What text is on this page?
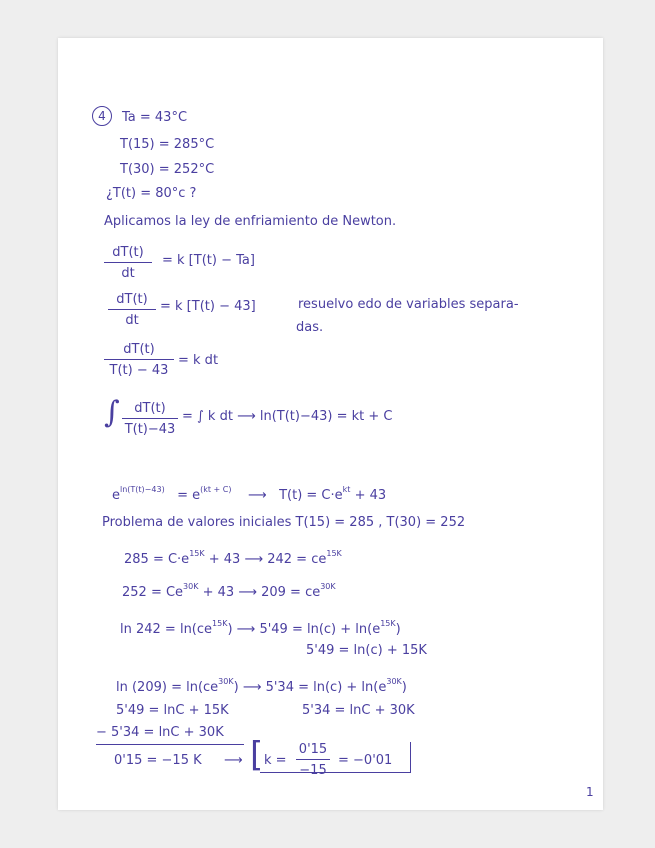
4	Ta = 43°C
T(15) = 285°C
T(30) = 252°C
¿T(t) = 80°c ?
Aplicamos la ley de enfriamiento de Newton.
$\frac{dT(t)}{dt} = k$ [T(t) − Ta]
$\frac{dT(t)}{dt} = k$ [T(t) − 43]	resuelvo edo de variables separa-
das.
$\frac{dT(t)}{T(t) - 43} = k$ dt
∫ $\frac{dT(t)}{T(t)-43}$ = ∫ k dt ⟶ ln(T(t)−43) = kt + C
$e^{ln(T(t)-43)} = e^{(kt + C)}$ ⟶ $T(t) = C\cdot e^{kt} + 43$
Problema de valores iniciales T(15) = 285 , T(30) = 252
$285 = C\cdot e^{15K} + 43$ ⟶ $242 = ce^{15K}$
$252 = Ce^{30K} + 43$ ⟶ $209 = ce^{30K}$
$\ln 242 = \ln(ce^{15K})$ ⟶ $5'49 = \ln(c) + \ln(e^{15K})$
5'49 = ln(c) + 15K
$\ln (209) = \ln(ce^{30K})$ ⟶ $5'34 = \ln(c) + \ln(e^{30K})$
5'49 = lnC + 15K	5'34 = lnC + 30K
− 5'34 = lnC + 30K
0'15 = −15 K ⟶ [ $k = \frac{0'15}{-15} = -0'01$
1
